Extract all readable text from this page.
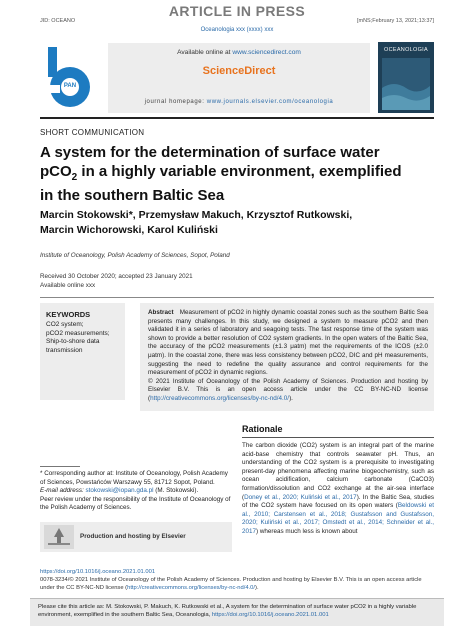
ARTICLE IN PRESS
JID: OCEANO	[mNS;February 13, 2021;13:37]
Oceanologia xxx (xxxx) xxx
PAN
Available online at www.sciencedirect.com
ScienceDirect
journal homepage: www.journals.elsevier.com/oceanologia
OCEANOLOGIA
SHORT COMMUNICATION
A system for the determination of surface water
pCO$_2$ in a highly variable environment, exemplified
in the southern Baltic Sea
Marcin Stokowski*, Przemysław Makuch, Krzysztof Rutkowski,
Marcin Wichorowski, Karol Kuliński
Institute of Oceanology, Polish Academy of Sciences, Sopot, Poland
Received 30 October 2020; accepted 23 January 2021
Available online xxx
KEYWORDS
CO2 system;
pCO2 measurements;
Ship-to-shore data transmission
Abstract Measurement of pCO2 in highly dynamic coastal zones such as the southern Baltic Sea presents many challenges. In this study, we designed a system to measure pCO2 and then validated it in a series of laboratory and seagoing tests. The fast response time of the system was shown to provide a better resolution of CO2 system gradients. In the open waters of the Baltic Sea, the accuracy of the pCO2 measurements (±1.3 μatm) met the requirements of the ICOS (±2.0 μatm). In the coastal zone, there was less consistency between pCO2, DIC and pH measurements, suggesting the need to redefine the quality assurance and control requirements for the measurement of pCO2 in dynamic regions.
© 2021 Institute of Oceanology of the Polish Academy of Sciences. Production and hosting by Elsevier B.V. This is an open access article under the CC BY-NC-ND license (http://creativecommons.org/licenses/by-nc-nd/4.0/).
* Corresponding author at: Institute of Oceanology, Polish Academy of Sciences, Powstańców Warszawy 55, 81712 Sopot, Poland.
E-mail address: stokowski@iopan.gda.pl (M. Stokowski).
Peer review under the responsibility of the Institute of Oceanology of the Polish Academy of Sciences.
Production and hosting by Elsevier
Rationale
The carbon dioxide (CO2) system is an integral part of the marine acid-base chemistry that controls seawater pH. Thus, an understanding of the CO2 system is a prerequisite to investigating present-day phenomena affecting marine biogeochemistry, such as ocean acidification, calcium carbonate (CaCO3) formation/dissolution and CO2 exchange at the air-sea interface (Doney et al., 2020; Kuliński et al., 2017). In the Baltic Sea, studies of the CO2 system have focused on its open waters (Beldowski et al., 2010; Carstensen et al., 2018; Gustafsson and Gustafsson, 2020; Kuliński et al., 2017; Omstedt et al., 2014; Schneider et al., 2017) whereas much less is known about
https://doi.org/10.1016/j.oceano.2021.01.001
0078-3234/© 2021 Institute of Oceanology of the Polish Academy of Sciences. Production and hosting by Elsevier B.V. This is an open access article under the CC BY-NC-ND license (http://creativecommons.org/licenses/by-nc-nd/4.0/).
Please cite this article as: M. Stokowski, P. Makuch, K. Rutkowski et al., A system for the determination of surface water pCO2 in a highly variable environment, exemplified in the southern Baltic Sea, Oceanologia, https://doi.org/10.1016/j.oceano.2021.01.001
